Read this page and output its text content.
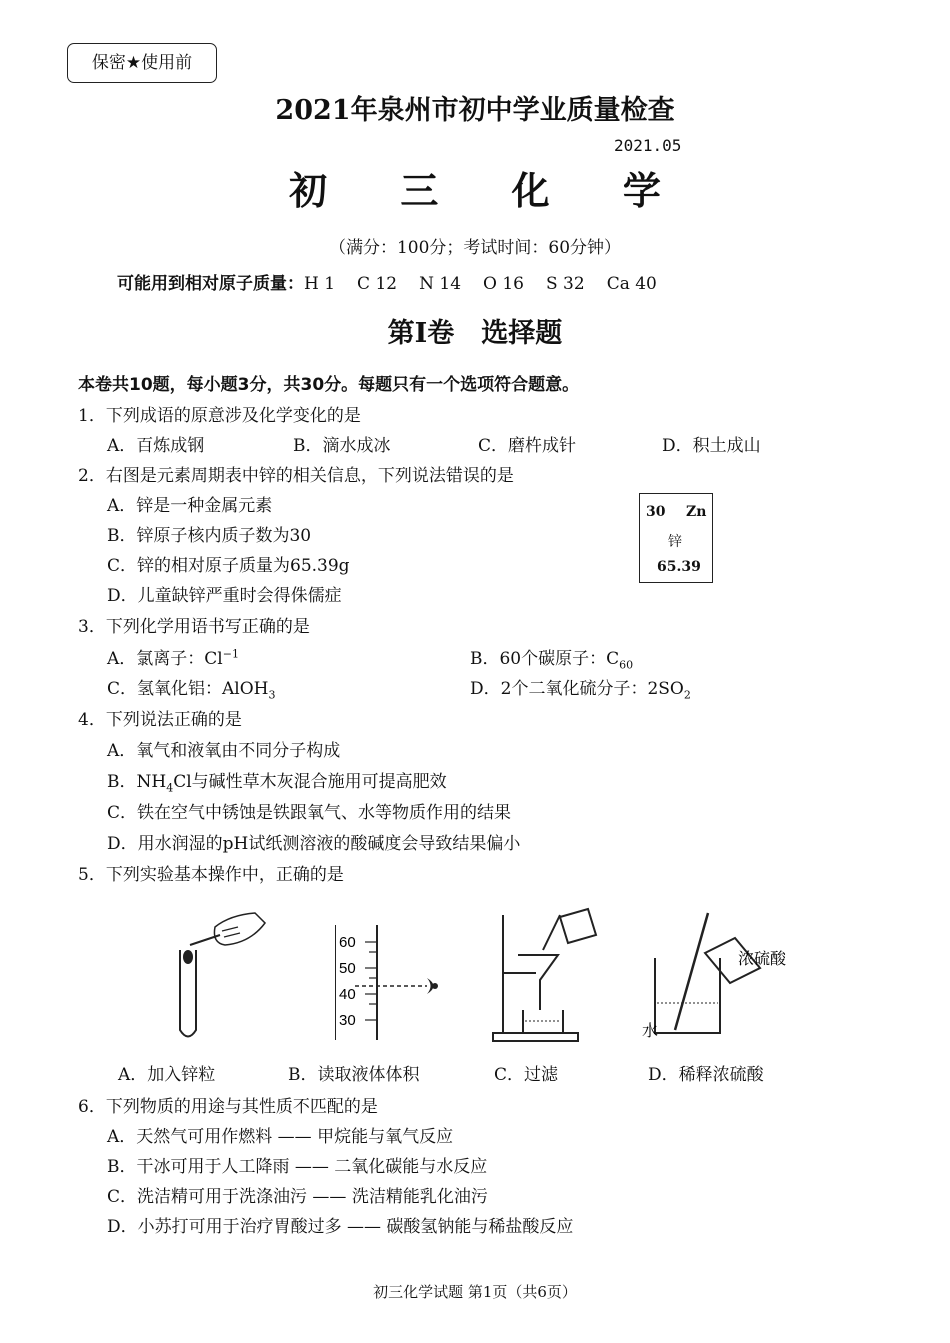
保密★使用前
2021年泉州市初中学业质量检查
2021.05
初 三 化 学
（满分：100分；考试时间：60分钟）
可能用到相对原子质量：H 1 C 12 N 14 O 16 S 32 Ca 40
第Ⅰ卷　选择题
本卷共10题，每小题3分，共30分。每题只有一个选项符合题意。
1．下列成语的原意涉及化学变化的是
A．百炼成钢	B．滴水成冰	C．磨杵成针	D．积土成山
2．右图是元素周期表中锌的相关信息，下列说法错误的是
A．锌是一种金属元素
B．锌原子核内质子数为30
C．锌的相对原子质量为65.39g
D．儿童缺锌严重时会得侏儒症
30 Zn
锌
65.39
3．下列化学用语书写正确的是
A．氯离子：$Cl^{-1}$	B．60个碳原子：$C_{60}$
C．氢氧化铝：AlOH$_3$	D．2个二氧化硫分子：$2SO_2$
4．下列说法正确的是
A．氧气和液氧由不同分子构成
B．$NH_4Cl$与碱性草木灰混合施用可提高肥效
C．铁在空气中锈蚀是铁跟氧气、水等物质作用的结果
D．用水润湿的pH试纸测溶液的酸碱度会导致结果偏小
5．下列实验基本操作中，正确的是
60
50
40
30
浓硫酸
水
A．加入锌粒	B．读取液体体积	C．过滤	D．稀释浓硫酸
6．下列物质的用途与其性质不匹配的是
A．天然气可用作燃料 —— 甲烷能与氧气反应
B．干冰可用于人工降雨 —— 二氧化碳能与水反应
C．洗洁精可用于洗涤油污 —— 洗洁精能乳化油污
D．小苏打可用于治疗胃酸过多 —— 碳酸氢钠能与稀盐酸反应
初三化学试题 第1页（共6页）
